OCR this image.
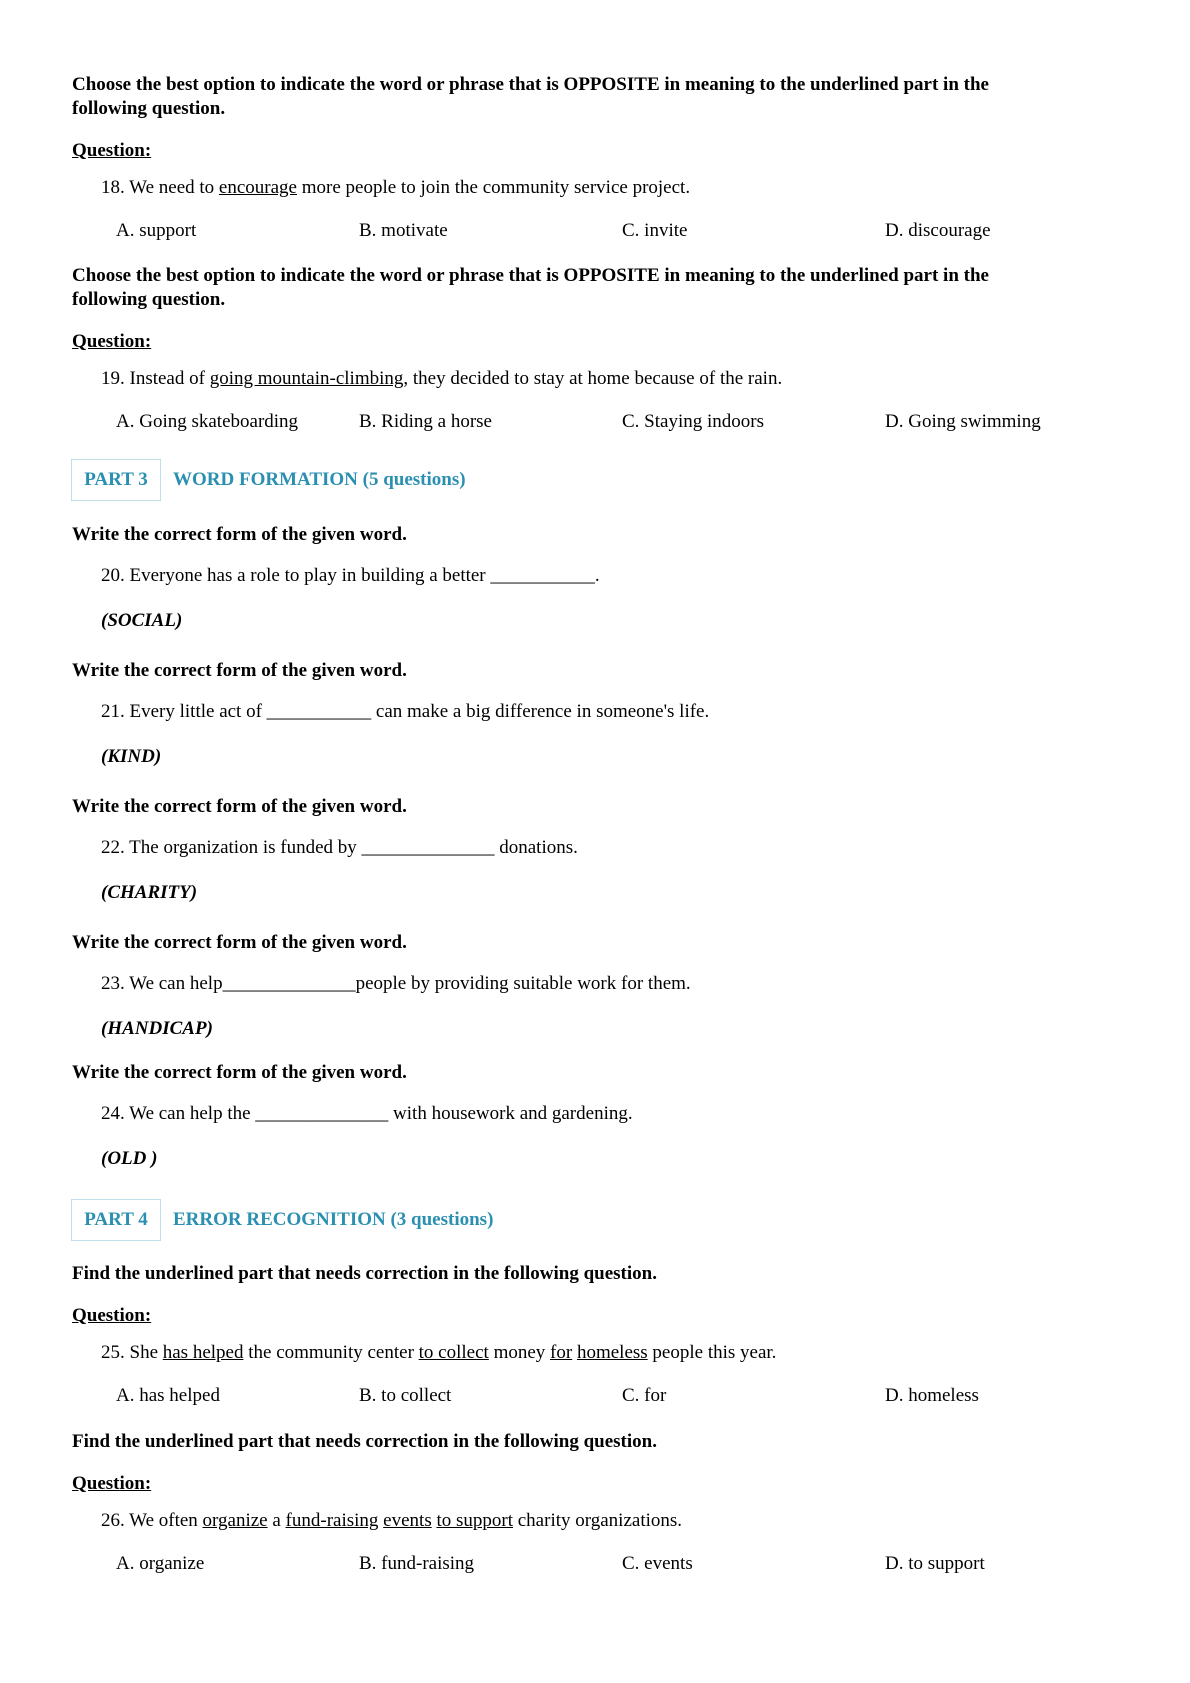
Choose the best option to indicate the word or phrase that is OPPOSITE in meaning to the underlined part in the following question.
Question:
18. We need to encourage more people to join the community service project.
A. support	B. motivate	C. invite	D. discourage
Choose the best option to indicate the word or phrase that is OPPOSITE in meaning to the underlined part in the following question.
Question:
19. Instead of going mountain-climbing, they decided to stay at home because of the rain.
A. Going skateboarding	B. Riding a horse	C. Staying indoors	D. Going swimming
PART 3	WORD FORMATION (5 questions)
Write the correct form of the given word.
20. Everyone has a role to play in building a better ___________.
(SOCIAL)
Write the correct form of the given word.
21. Every little act of ___________ can make a big difference in someone's life.
(KIND)
Write the correct form of the given word.
22. The organization is funded by ______________ donations.
(CHARITY)
Write the correct form of the given word.
23. We can help______________people by providing suitable work for them.
(HANDICAP)
Write the correct form of the given word.
24. We can help the ______________ with housework and gardening.
(OLD )
PART 4	ERROR RECOGNITION (3 questions)
Find the underlined part that needs correction in the following question.
Question:
25. She has helped the community center to collect money for homeless people this year.
A. has helped	B. to collect	C. for	D. homeless
Find the underlined part that needs correction in the following question.
Question:
26. We often organize a fund-raising events to support charity organizations.
A. organize	B. fund-raising	C. events	D. to support
